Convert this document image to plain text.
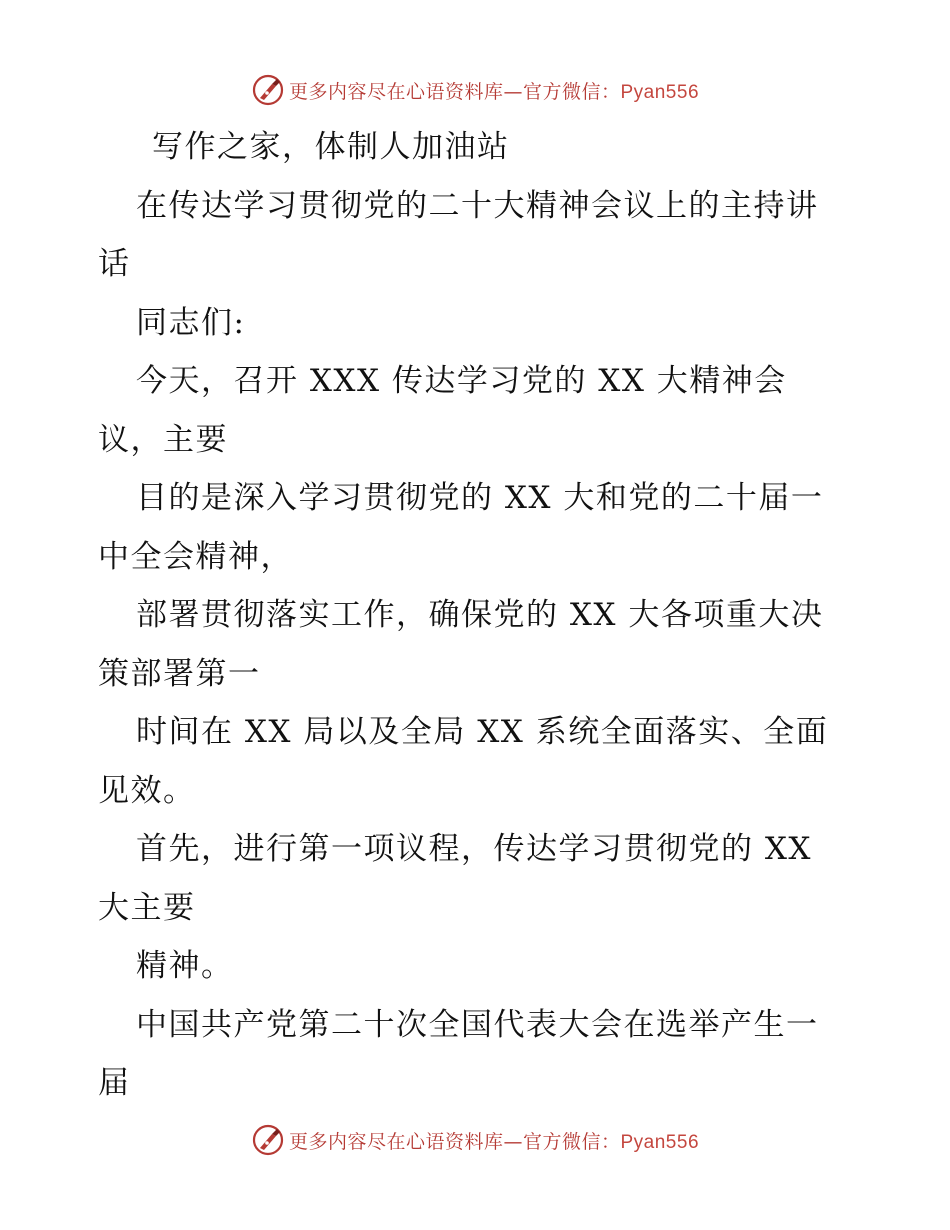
更多内容尽在心语资料库—官方微信：Pyan556
写作之家，体制人加油站
在传达学习贯彻党的二十大精神会议上的主持讲
话
同志们:
今天，召开 XXX 传达学习党的 XX 大精神会
议，主要
目的是深入学习贯彻党的 XX 大和党的二十届一
中全会精神，
部署贯彻落实工作，确保党的 XX 大各项重大决
策部署第一
时间在 XX 局以及全局 XX 系统全面落实、全面
见效。
首先，进行第一项议程，传达学习贯彻党的 XX
大主要
精神。
中国共产党第二十次全国代表大会在选举产生一
届
更多内容尽在心语资料库—官方微信：Pyan556
